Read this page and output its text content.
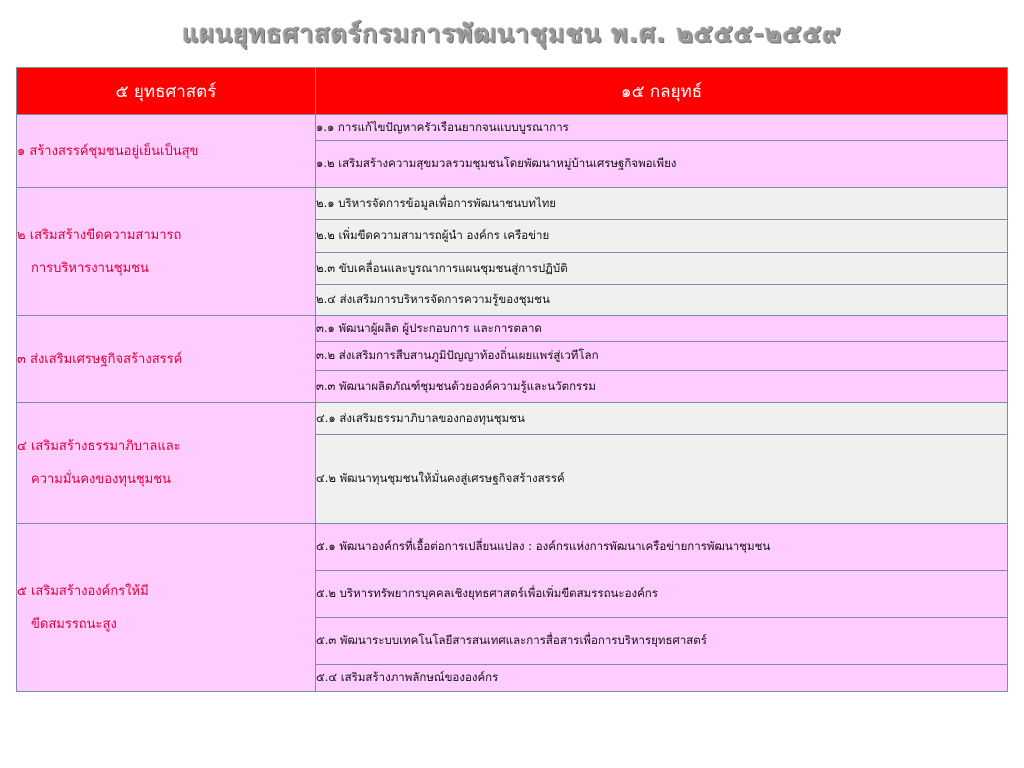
แผนยุทธศาสตร์กรมการพัฒนาชุมชน พ.ศ. ๒๕๕๕-๒๕๕๙
๕ ยุทธศาสตร์	๑๕ กลยุทธ์
๑ สร้างสรรค์ชุมชนอยู่เย็นเป็นสุข	๑.๑ การแก้ไขปัญหาครัวเรือนยากจนแบบบูรณาการ
	๑.๒ เสริมสร้างความสุขมวลรวมชุมชนโดยพัฒนาหมู่บ้านเศรษฐกิจพอเพียง
๒ เสริมสร้างขีดความสามารถ
การบริหารงานชุมชน	๒.๑ บริหารจัดการข้อมูลเพื่อการพัฒนาชนบทไทย
	๒.๒ เพิ่มขีดความสามารถผู้นำ องค์กร เครือข่าย
	๒.๓ ขับเคลื่อนและบูรณาการแผนชุมชนสู่การปฏิบัติ
	๒.๔ ส่งเสริมการบริหารจัดการความรู้ของชุมชน
๓ ส่งเสริมเศรษฐกิจสร้างสรรค์	๓.๑ พัฒนาผู้ผลิต ผู้ประกอบการ และการตลาด
	๓.๒ ส่งเสริมการสืบสานภูมิปัญญาท้องถิ่นเผยแพร่สู่เวทีโลก
	๓.๓ พัฒนาผลิตภัณฑ์ชุมชนด้วยองค์ความรู้และนวัตกรรม
๔ เสริมสร้างธรรมาภิบาลและ
ความมั่นคงของทุนชุมชน	๔.๑ ส่งเสริมธรรมาภิบาลของกองทุนชุมชน
	๔.๒ พัฒนาทุนชุมชนให้มั่นคงสู่เศรษฐกิจสร้างสรรค์
๕ เสริมสร้างองค์กรให้มี
ขีดสมรรถนะสูง	๕.๑ พัฒนาองค์กรที่เอื้อต่อการเปลี่ยนแปลง : องค์กรแห่งการพัฒนาเครือข่ายการพัฒนาชุมชน
	๕.๒ บริหารทรัพยากรบุคคลเชิงยุทธศาสตร์เพื่อเพิ่มขีดสมรรถนะองค์กร
	๕.๓ พัฒนาระบบเทคโนโลยีสารสนเทศและการสื่อสารเพื่อการบริหารยุทธศาสตร์
	๕.๔ เสริมสร้างภาพลักษณ์ขององค์กร
